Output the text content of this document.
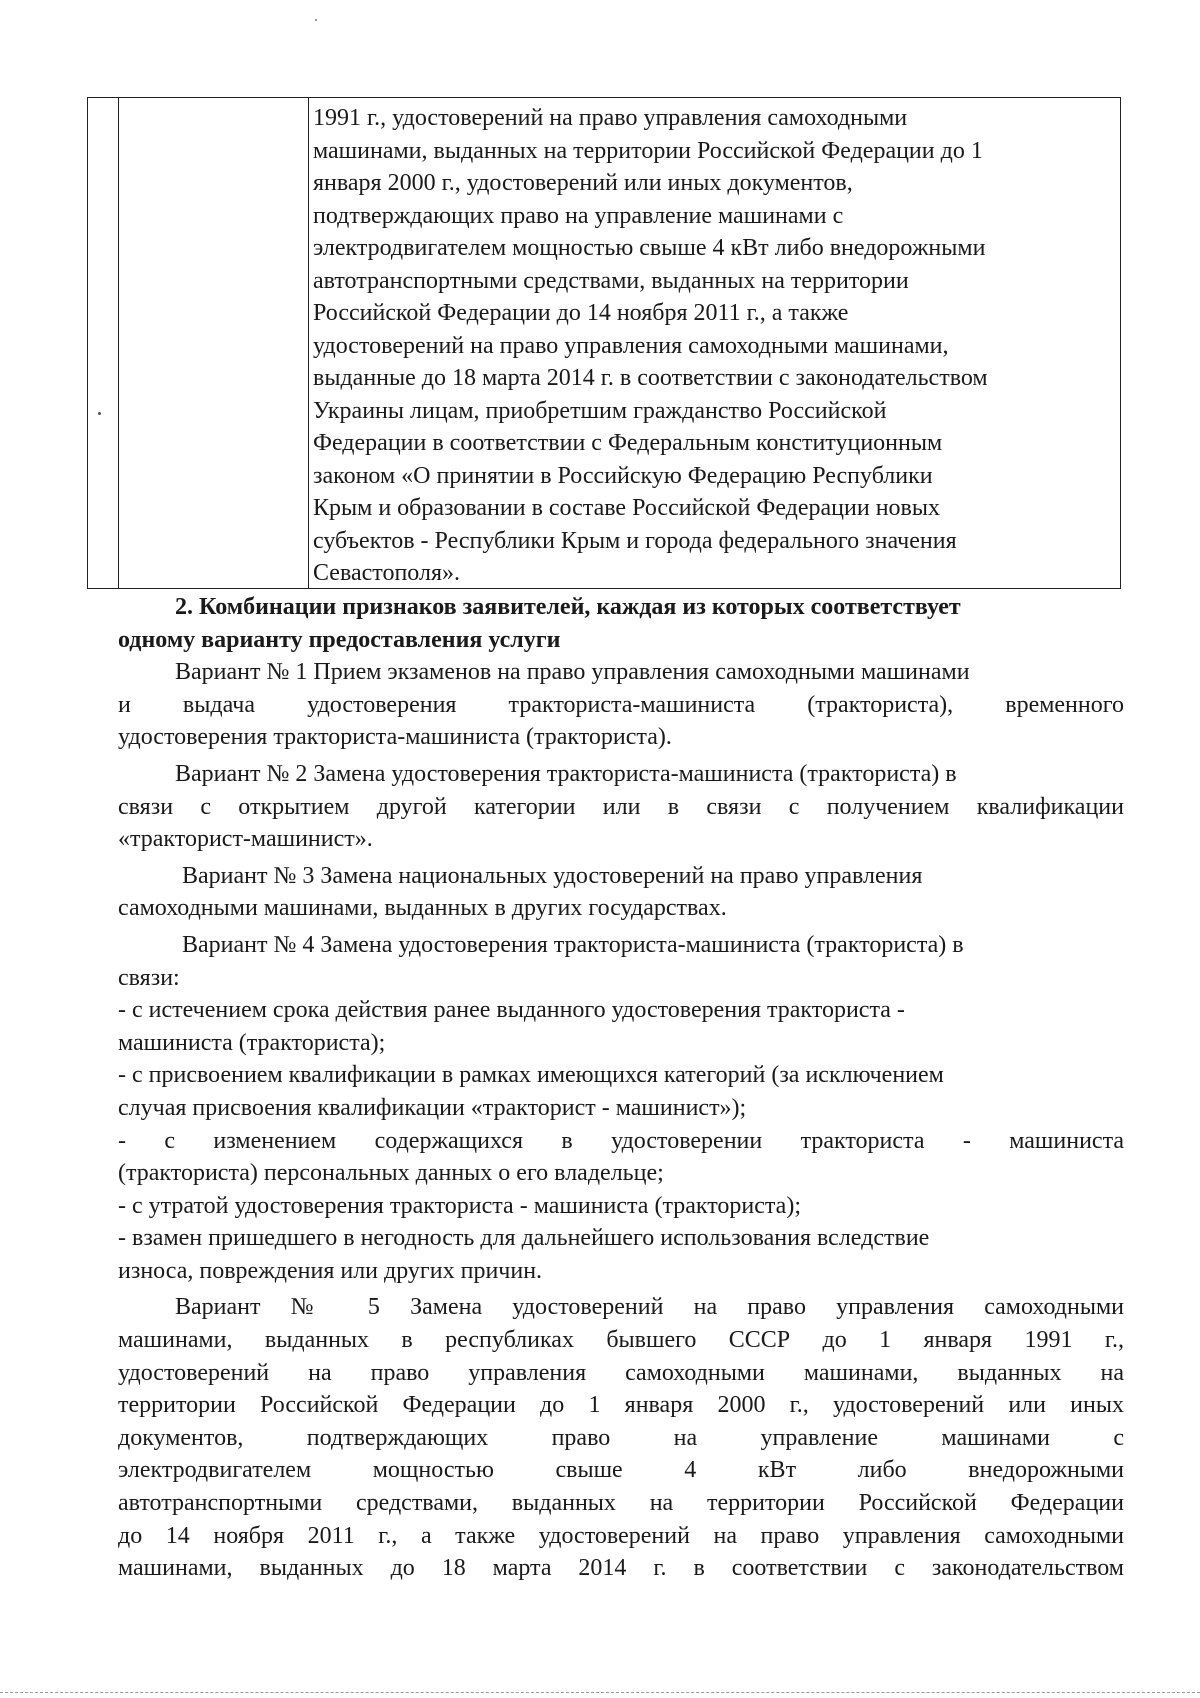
1991 г., удостоверений на право управления самоходными
машинами, выданных на территории Российской Федерации до 1
января 2000 г., удостоверений или иных документов,
подтверждающих право на управление машинами с
электродвигателем мощностью свыше 4 кВт либо внедорожными
автотранспортными средствами, выданных на территории
Российской Федерации до 14 ноября 2011 г., а также
удостоверений на право управления самоходными машинами,
выданные до 18 марта 2014 г. в соответствии с законодательством
Украины лицам, приобретшим гражданство Российской
Федерации в соответствии с Федеральным конституционным
законом «О принятии в Российскую Федерацию Республики
Крым и образовании в составе Российской Федерации новых
субъектов - Республики Крым и города федерального значения
Севастополя».
2. Комбинации признаков заявителей, каждая из которых соответствует
одному варианту предоставления услуги
Вариант № 1 Прием экзаменов на право управления самоходными машинами
и выдача удостоверения тракториста-машиниста (тракториста), временного
удостоверения тракториста-машиниста (тракториста).
Вариант № 2 Замена удостоверения тракториста-машиниста (тракториста) в
связи с открытием другой категории или в связи с получением квалификации
«тракторист-машинист».
Вариант № 3 Замена национальных удостоверений на право управления
самоходными машинами, выданных в других государствах.
Вариант № 4 Замена удостоверения тракториста-машиниста (тракториста) в
связи:
- с истечением срока действия ранее выданного удостоверения тракториста -
машиниста (тракториста);
- с присвоением квалификации в рамках имеющихся категорий (за исключением
случая присвоения квалификации «тракторист - машинист»);
- с изменением содержащихся в удостоверении тракториста - машиниста
(тракториста) персональных данных о его владельце;
- с утратой удостоверения тракториста - машиниста (тракториста);
- взамен пришедшего в негодность для дальнейшего использования вследствие
износа, повреждения или других причин.
Вариант № 5 Замена удостоверений на право управления самоходными
машинами, выданных в республиках бывшего СССР до 1 января 1991 г.,
удостоверений на право управления самоходными машинами, выданных на
территории Российской Федерации до 1 января 2000 г., удостоверений или иных
документов, подтверждающих право на управление машинами с
электродвигателем мощностью свыше 4 кВт либо внедорожными
автотранспортными средствами, выданных на территории Российской Федерации
до 14 ноября 2011 г., а также удостоверений на право управления самоходными
машинами, выданных до 18 марта 2014 г. в соответствии с законодательством
